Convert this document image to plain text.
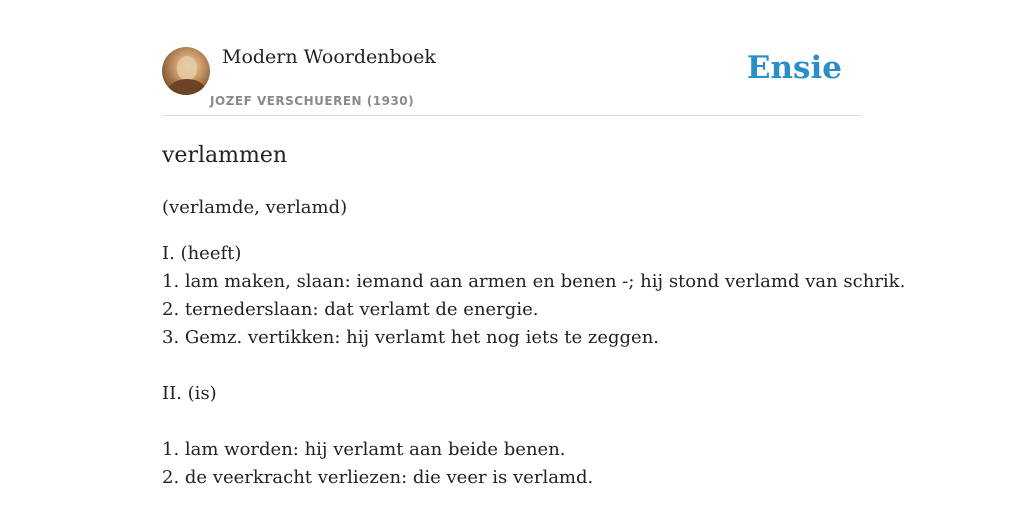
Modern Woordenboek
JOZEF VERSCHUEREN (1930)
Ensie
verlammen
(verlamde, verlamd)
I. (heeft)
1. lam maken, slaan: iemand aan armen en benen -; hij stond verlamd van schrik.
2. ternederslaan: dat verlamt de energie.
3. Gemz. vertikken: hij verlamt het nog iets te zeggen.
II. (is)
1. lam worden: hij verlamt aan beide benen.
2. de veerkracht verliezen: die veer is verlamd.
